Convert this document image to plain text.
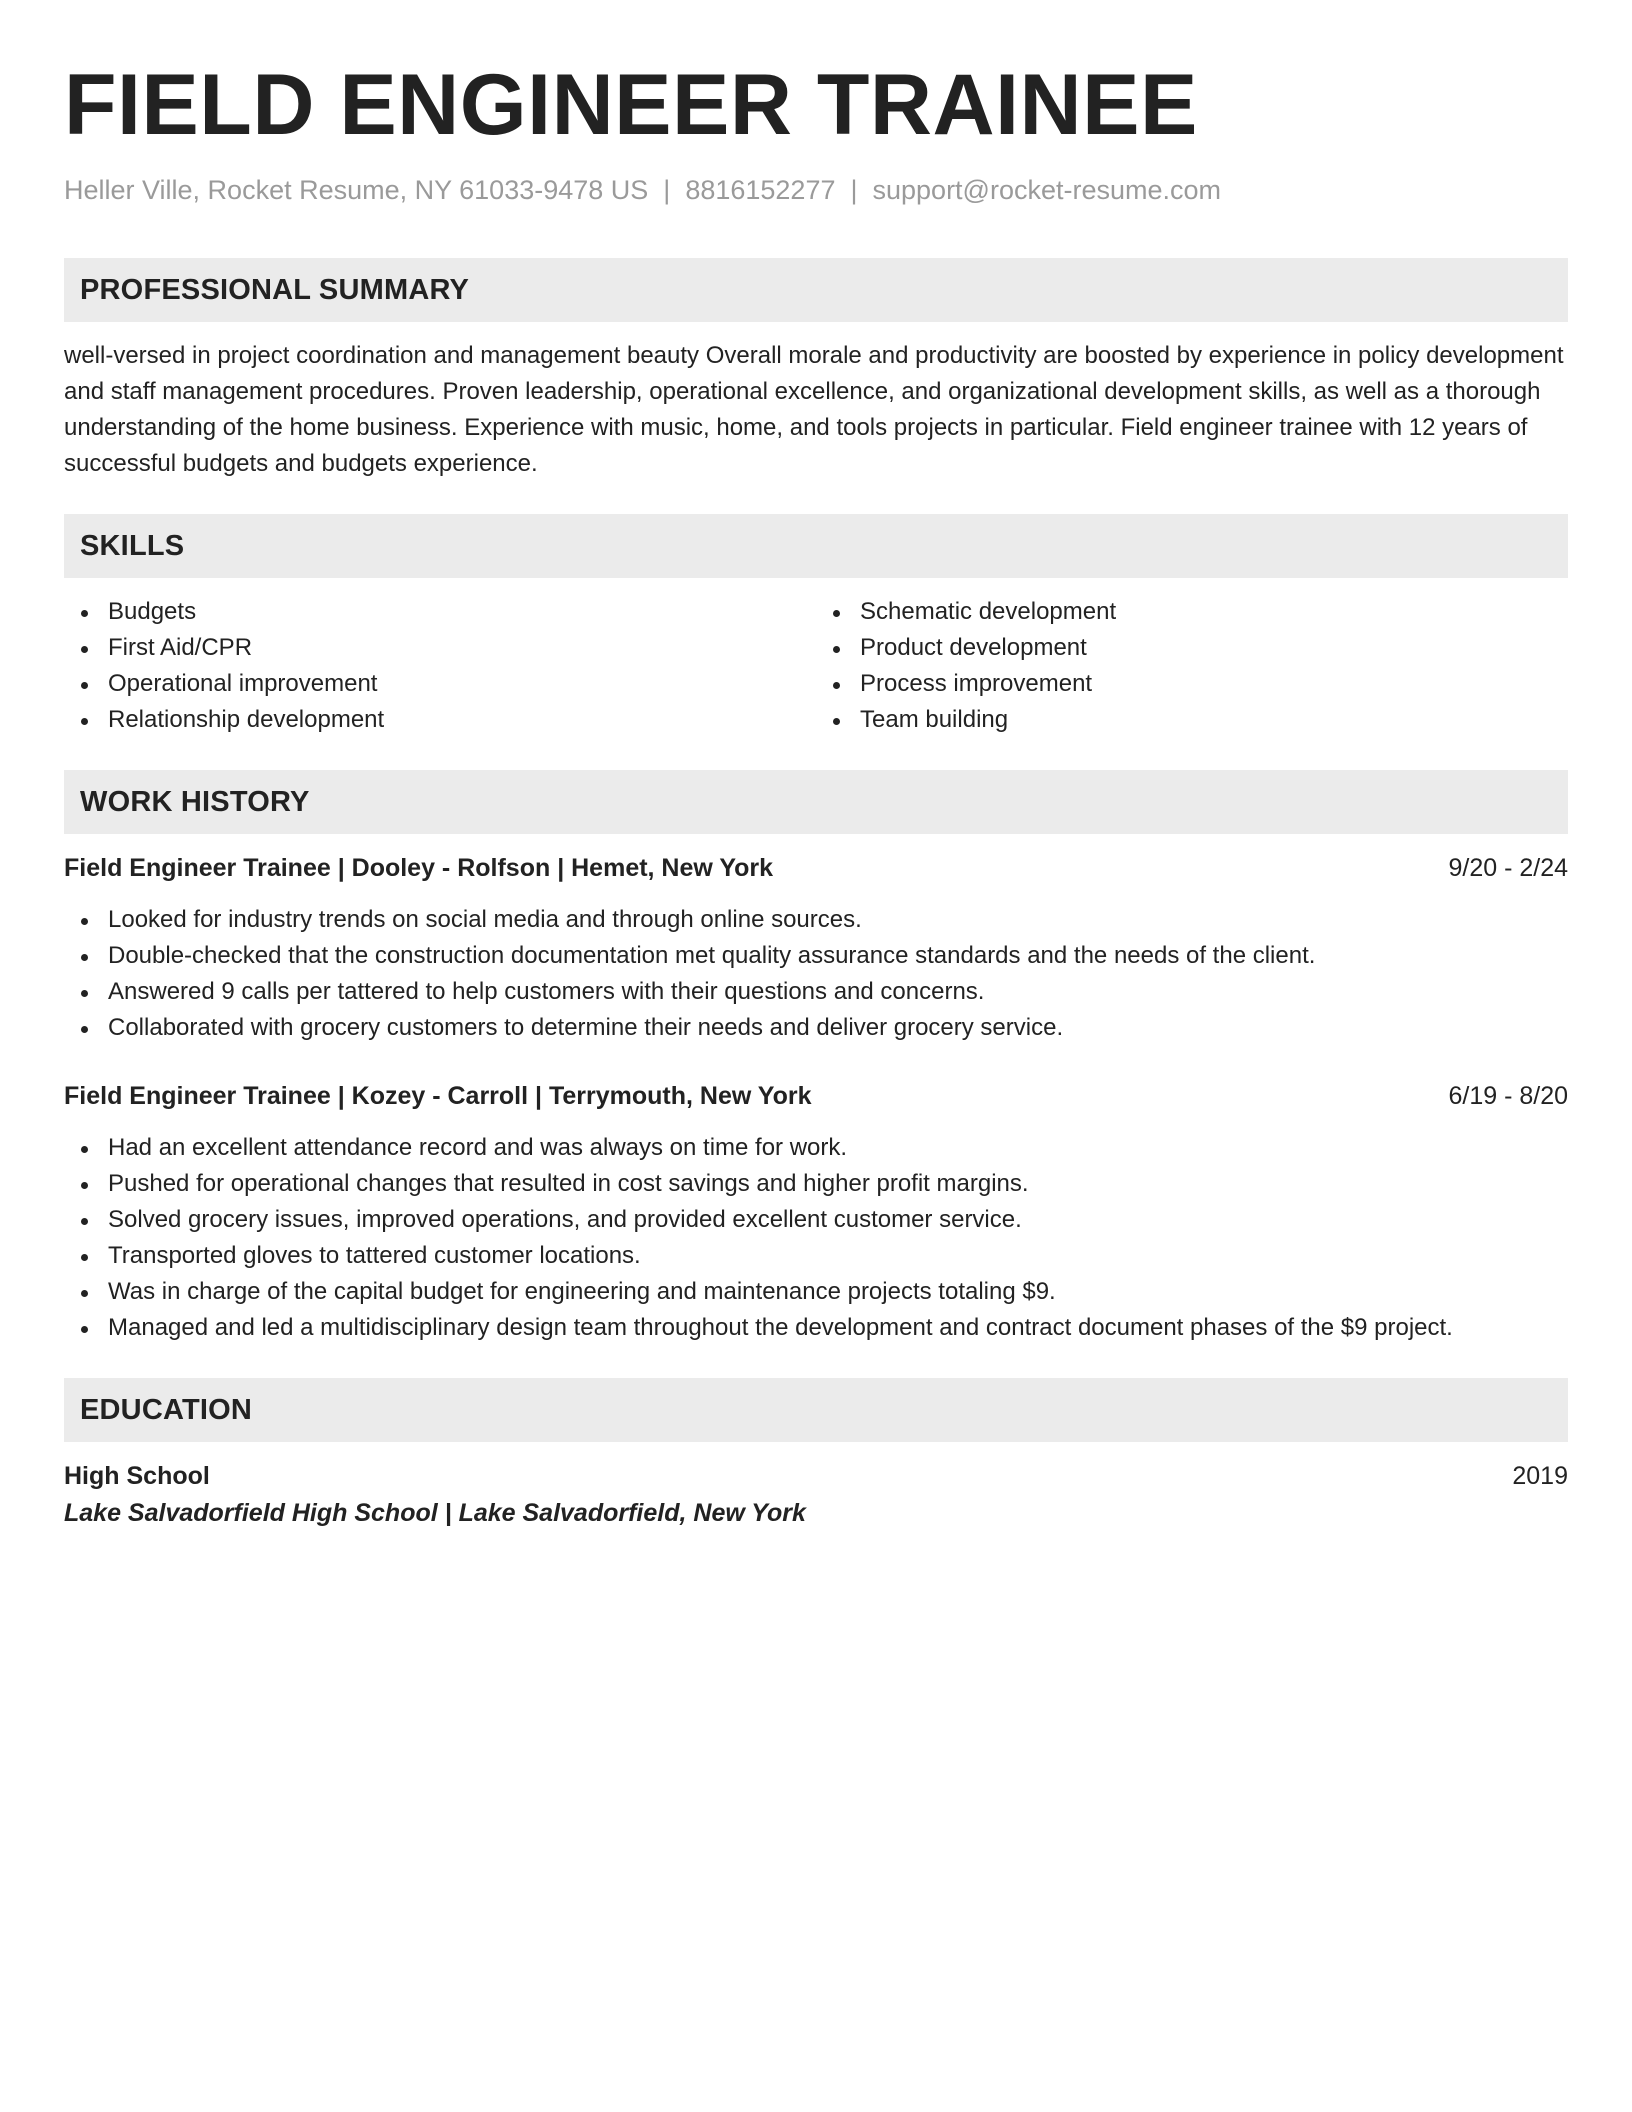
FIELD ENGINEER TRAINEE
Heller Ville, Rocket Resume, NY 61033-9478 US | 8816152277 | support@rocket-resume.com
PROFESSIONAL SUMMARY
well-versed in project coordination and management beauty Overall morale and productivity are boosted by experience in policy development and staff management procedures. Proven leadership, operational excellence, and organizational development skills, as well as a thorough understanding of the home business. Experience with music, home, and tools projects in particular. Field engineer trainee with 12 years of successful budgets and budgets experience.
SKILLS
Budgets
First Aid/CPR
Operational improvement
Relationship development
Schematic development
Product development
Process improvement
Team building
WORK HISTORY
Field Engineer Trainee | Dooley - Rolfson | Hemet, New York	9/20 - 2/24
Looked for industry trends on social media and through online sources.
Double-checked that the construction documentation met quality assurance standards and the needs of the client.
Answered 9 calls per tattered to help customers with their questions and concerns.
Collaborated with grocery customers to determine their needs and deliver grocery service.
Field Engineer Trainee | Kozey - Carroll | Terrymouth, New York	6/19 - 8/20
Had an excellent attendance record and was always on time for work.
Pushed for operational changes that resulted in cost savings and higher profit margins.
Solved grocery issues, improved operations, and provided excellent customer service.
Transported gloves to tattered customer locations.
Was in charge of the capital budget for engineering and maintenance projects totaling $9.
Managed and led a multidisciplinary design team throughout the development and contract document phases of the $9 project.
EDUCATION
High School	2019
Lake Salvadorfield High School | Lake Salvadorfield, New York
